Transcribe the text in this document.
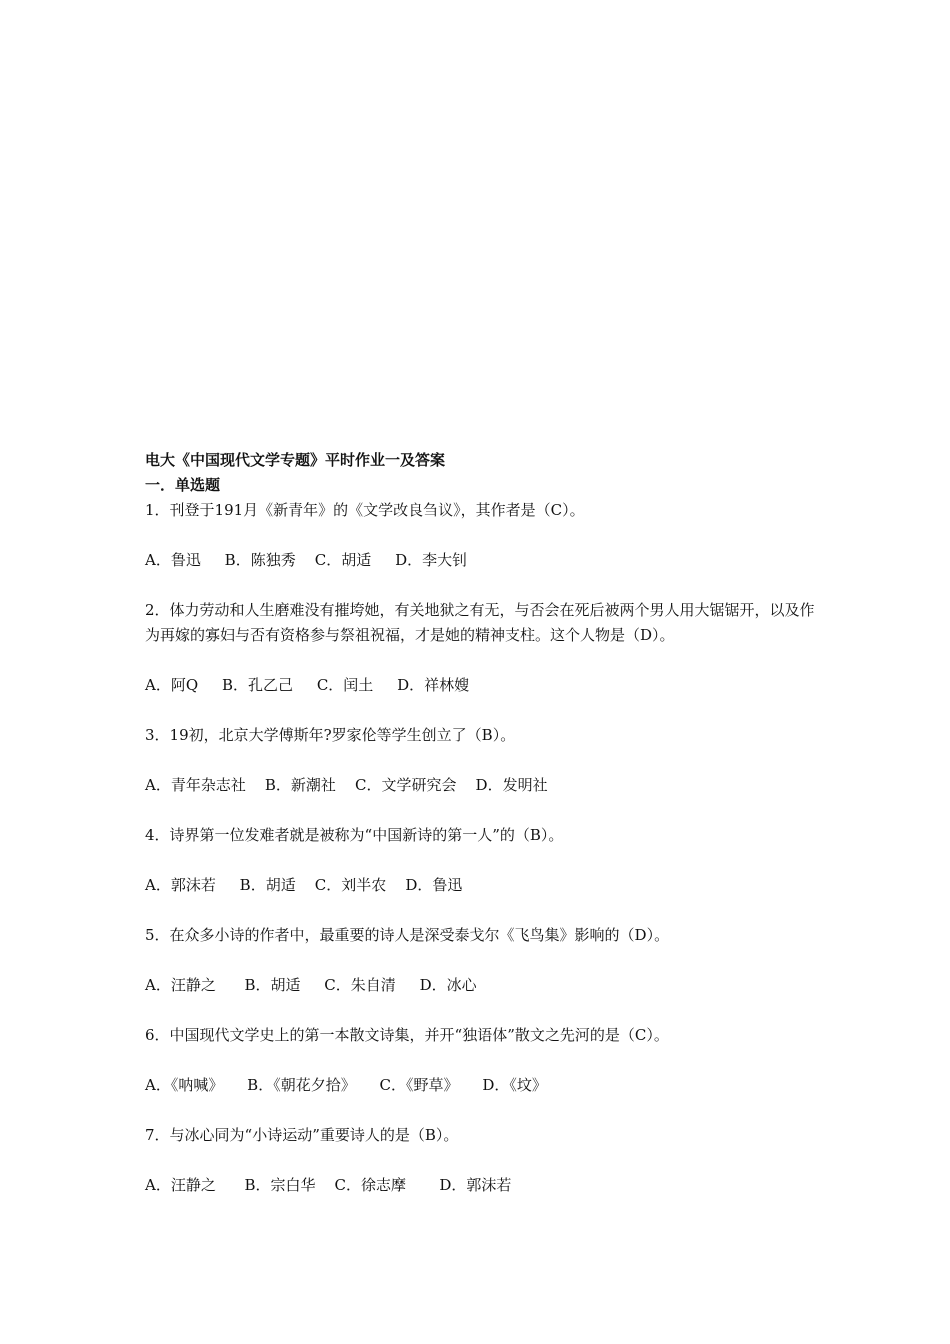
电大《中国现代文学专题》平时作业一及答案

一．单选题

1．刊登于191月《新青年》的《文学改良刍议》，其作者是（C）。

A．鲁迅     B．陈独秀    C．胡适     D．李大钊

2．体力劳动和人生磨难没有摧垮她，有关地狱之有无，与否会在死后被两个男人用大锯锯开，以及作为再嫁的寡妇与否有资格参与祭祖祝福，才是她的精神支柱。这个人物是（D）。

A．阿Q     B．孔乙己     C．闰土     D．祥林嫂

3．19初，北京大学傅斯年?罗家伦等学生创立了（B）。

A．青年杂志社    B．新潮社    C．文学研究会    D．发明社

4．诗界第一位发难者就是被称为“中国新诗的第一人”的（B）。

A．郭沫若     B．胡适    C．刘半农    D．鲁迅

5．在众多小诗的作者中，最重要的诗人是深受泰戈尔《飞鸟集》影响的（D）。

A．汪静之      B．胡适     C．朱自清     D．冰心

6．中国现代文学史上的第一本散文诗集，并开“独语体”散文之先河的是（C）。

A．《呐喊》     B．《朝花夕拾》     C．《野草》     D．《坟》

7．与冰心同为“小诗运动”重要诗人的是（B）。

A．汪静之      B．宗白华    C．徐志摩       D．郭沫若
